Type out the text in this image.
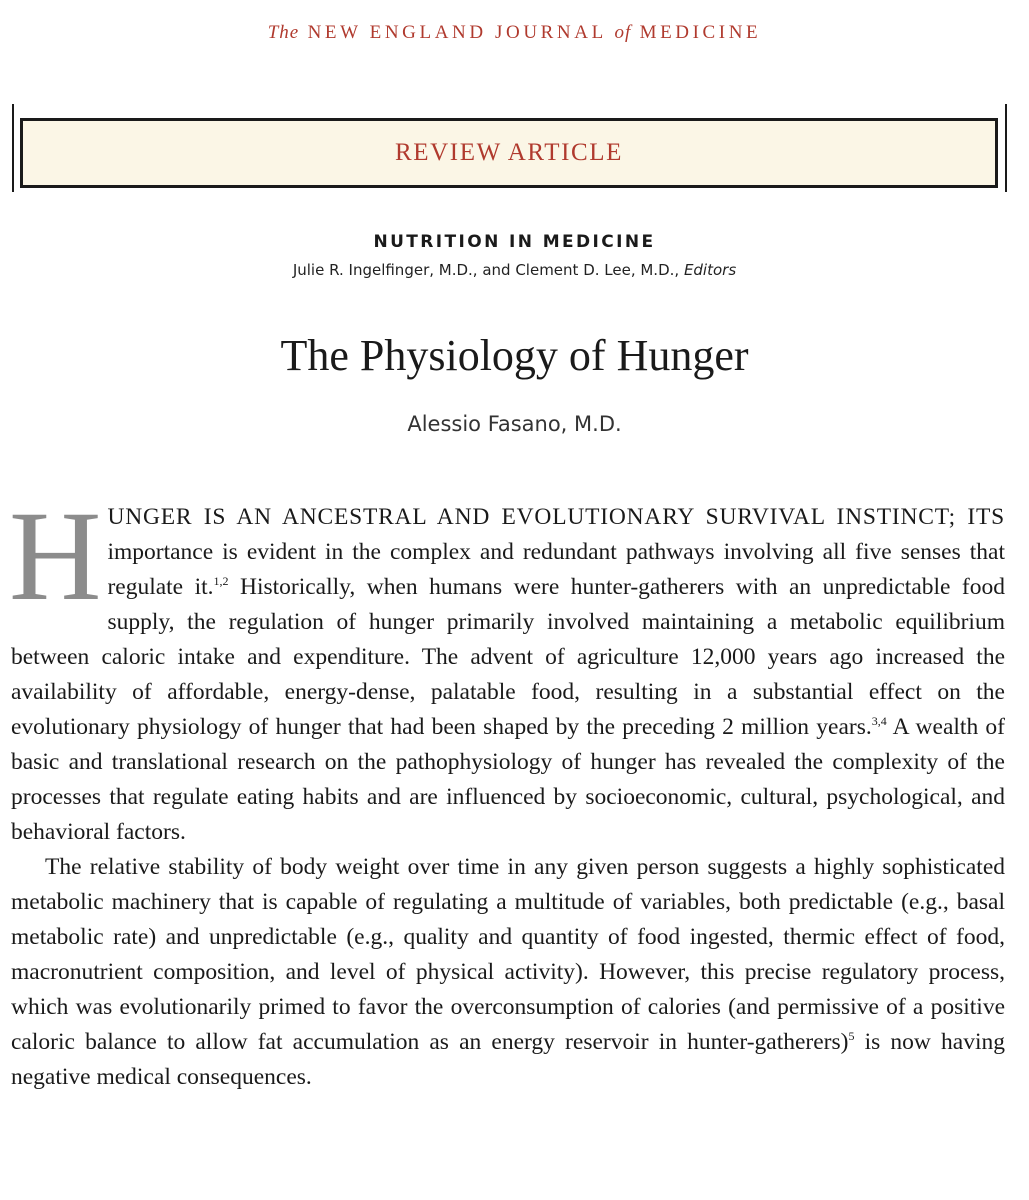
The NEW ENGLAND JOURNAL of MEDICINE
REVIEW ARTICLE
NUTRITION IN MEDICINE
Julie R. Ingelfinger, M.D., and Clement D. Lee, M.D., Editors
The Physiology of Hunger
Alessio Fasano, M.D.

HUNGER IS AN ANCESTRAL AND EVOLUTIONARY SURVIVAL INSTINCT; ITS importance is evident in the complex and redundant pathways involving all five senses that regulate it.$^{1,2}$ Historically, when humans were hunter-gatherers with an unpredictable food supply, the regulation of hunger primarily involved maintaining a metabolic equilibrium between caloric intake and expenditure. The advent of agriculture 12,000 years ago increased the availability of affordable, energy-dense, palatable food, resulting in a substantial effect on the evolutionary physiology of hunger that had been shaped by the preceding 2 million years.$^{3,4}$ A wealth of basic and translational research on the pathophysiology of hunger has revealed the complexity of the processes that regulate eating habits and are influenced by socioeconomic, cultural, psychological, and behavioral factors.

The relative stability of body weight over time in any given person suggests a highly sophisticated metabolic machinery that is capable of regulating a multitude of variables, both predictable (e.g., basal metabolic rate) and unpredictable (e.g., quality and quantity of food ingested, thermic effect of food, macronutrient composition, and level of physical activity). However, this precise regulatory process, which was evolutionarily primed to favor the overconsumption of calories (and permissive of a positive caloric balance to allow fat accumulation as an energy reservoir in hunter-gatherers)$^5$ is now having negative medical consequences.
